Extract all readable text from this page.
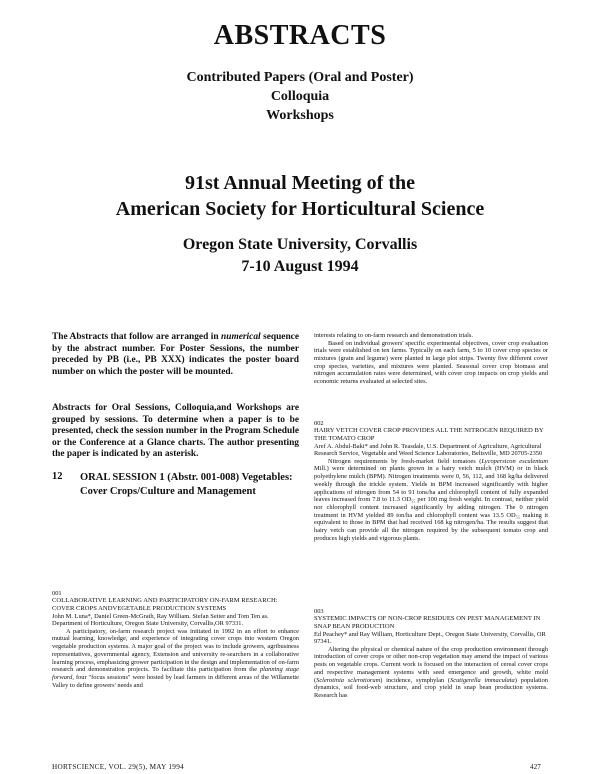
ABSTRACTS
Contributed Papers (Oral and Poster)
Colloquia
Workshops
91st Annual Meeting of the
American Society for Horticultural Science
Oregon State University, Corvallis
7-10 August 1994

The Abstracts that follow are arranged in numerical sequence by the abstract number. For Poster Sessions, the number preceded by PB (i.e., PB XXX) indicates the poster board number on which the poster will be mounted.

Abstracts for Oral Sessions, Colloquia,and Workshops are grouped by sessions. To determine when a paper is to be presented, check the session number in the Program Schedule or the Conference at a Glance charts. The author presenting the paper is indicated by an asterisk.

12 ORAL SESSION 1 (Abstr. 001-008) Vegetables: Cover Crops/Culture and Management
001
COLLABORATIVE LEARNING AND PARTICIPATORY ON-FARM RESEARCH: COVER CROPS ANDVEGETABLE PRODUCTION SYSTEMS
John M. Luna*, Daniel Green-McGrath, Ray William. Stefan Seiter and Tom Ten as. Department of Horticulture, Oregon State University, Corvallis,OR 97331.

A participatory, on-farm research project was initiated in 1992 in an effort to enhance mutual learning, knowledge, and experience of integrating cover crops into western Oregon vegetable production systems. A major goal of the project was to include growers, agribusiness representatives, governmental agency, Extension and university re-searchers in a collaborative learning process, emphasizing grower participation in the design and implementation of on-farm research and demonstration projects. To facilitate this participation from the planning stage forward, four "focus sessions" were hosted by lead farmers in different areas of the Willamette Valley to define growers' needs and

interests relating to on-farm research and demonstration trials.

Based on individual growers' specific experimental objectives, cover crop evaluation trials were established on ten farms. Typically on each farm, 5 to 10 cover crop species or mixtures (grain and legume) were planted in large plot strips. Twenty five different cover crop species, varieties, and mixtures were planted. Seasonal cover crop biomass and nitrogen accumulation rates were determined, with cover crop impacts on crop yields and economic returns evaluated at selected sites.

002
HAIRY VETCH COVER CROP PROVIDES ALL THE NITROGEN REQUIRED BY THE TOMATO CROP
Aref A. Abdul-Baki* and John R. Teasdale, U.S. Department of Agriculture, Agricultural Research Service, Vegetable and Weed Science Laboratories, Beltsville, MD 20705-2350

Nitrogen requirements by fresh-market field tomatoes (Lycopersicon esculentum Mill.) were determined on plants grown in a hairy vetch mulch (HVM) or in black polyethylene mulch (BPM). Nitrogen treatments were 0, 56, 112, and 168 kg/ha delivered weekly through the trickle system. Yields in BPM increased significantly with higher applications of nitrogen from 54 to 91 tons/ha and chlorophyll content of fully expanded leaves increased from 7.8 to 11.3 OD₅₅ per 100 mg fresh weight. In contrast, neither yield nor chlorophyll content increased significantly by adding nitrogen. The 0 nitrogen treatment in HVM yielded 89 ton/ha and chlorophyll content was 13.5 OD₅₅ making it equivalent to those in BPM that had received 168 kg nitrogen/ha. The results suggest that hairy vetch can provide all the nitrogen required by the subsequent tomato crop and produces high yields and vigorous plants.

003
SYSTEMIC IMPACTS OF NON-CROP RESIDUES ON PEST MANAGEMENT IN SNAP BEAN PRODUCTION
Ed Peachey* and Ray William, Horticulture Dept., Oregon State University, Corvallis, OR 97341.

Altering the physical or chemical nature of the crop production environment through introduction of cover crops or other non-crop vegetation may amend the impact of various pests on vegetable crops. Current work is focused on the interaction of cereal cover crops and respective management systems with seed emergence and growth, white mold (Sclerotinia sclerotiorum) incidence, symphylan (Scutigerella immaculata) population dynamics, soil food-web structure, and crop yield in snap bean production systems. Research has

HORTSCIENCE, VOL. 29(5), MAY 1994	427
